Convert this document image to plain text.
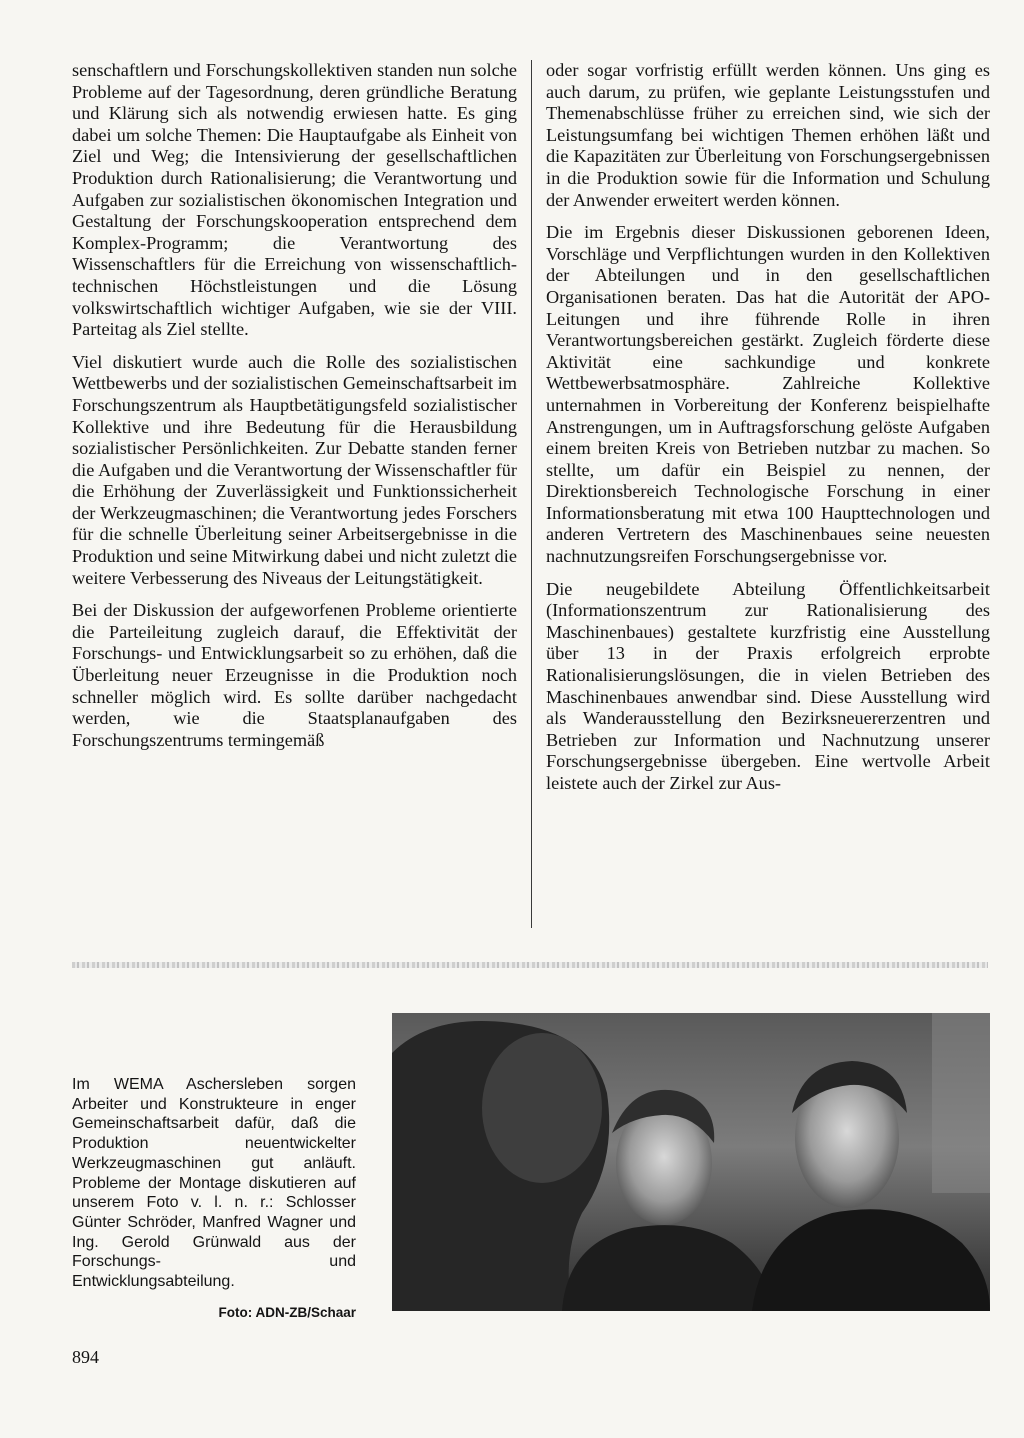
senschaftlern und Forschungskollektiven standen nun solche Probleme auf der Tagesordnung, deren gründliche Beratung und Klärung sich als notwendig erwiesen hatte. Es ging dabei um solche Themen: Die Hauptaufgabe als Einheit von Ziel und Weg; die Intensivierung der gesellschaftlichen Produktion durch Rationalisierung; die Verantwortung und Aufgaben zur sozialistischen ökonomischen Integration und Gestaltung der Forschungskooperation entsprechend dem Komplex-Programm; die Verantwortung des Wissenschaftlers für die Erreichung von wissenschaftlich-technischen Höchstleistungen und die Lösung volkswirtschaftlich wichtiger Aufgaben, wie sie der VIII. Parteitag als Ziel stellte.

Viel diskutiert wurde auch die Rolle des sozialistischen Wettbewerbs und der sozialistischen Gemeinschaftsarbeit im Forschungszentrum als Hauptbetätigungsfeld sozialistischer Kollektive und ihre Bedeutung für die Herausbildung sozialistischer Persönlichkeiten. Zur Debatte standen ferner die Aufgaben und die Verantwortung der Wissenschaftler für die Erhöhung der Zuverlässigkeit und Funktionssicherheit der Werkzeugmaschinen; die Verantwortung jedes Forschers für die schnelle Überleitung seiner Arbeitsergebnisse in die Produktion und seine Mitwirkung dabei und nicht zuletzt die weitere Verbesserung des Niveaus der Leitungstätigkeit.

Bei der Diskussion der aufgeworfenen Probleme orientierte die Parteileitung zugleich darauf, die Effektivität der Forschungs- und Entwicklungsarbeit so zu erhöhen, daß die Überleitung neuer Erzeugnisse in die Produktion noch schneller möglich wird. Es sollte darüber nachgedacht werden, wie die Staatsplanaufgaben des Forschungszentrums termingemäß

oder sogar vorfristig erfüllt werden können. Uns ging es auch darum, zu prüfen, wie geplante Leistungsstufen und Themenabschlüsse früher zu erreichen sind, wie sich der Leistungsumfang bei wichtigen Themen erhöhen läßt und die Kapazitäten zur Überleitung von Forschungsergebnissen in die Produktion sowie für die Information und Schulung der Anwender erweitert werden können.

Die im Ergebnis dieser Diskussionen geborenen Ideen, Vorschläge und Verpflichtungen wurden in den Kollektiven der Abteilungen und in den gesellschaftlichen Organisationen beraten. Das hat die Autorität der APO-Leitungen und ihre führende Rolle in ihren Verantwortungsbereichen gestärkt. Zugleich förderte diese Aktivität eine sachkundige und konkrete Wettbewerbsatmosphäre. Zahlreiche Kollektive unternahmen in Vorbereitung der Konferenz beispielhafte Anstrengungen, um in Auftragsforschung gelöste Aufgaben einem breiten Kreis von Betrieben nutzbar zu machen. So stellte, um dafür ein Beispiel zu nennen, der Direktionsbereich Technologische Forschung in einer Informationsberatung mit etwa 100 Haupttechnologen und anderen Vertretern des Maschinenbaues seine neuesten nachnutzungsreifen Forschungsergebnisse vor.

Die neugebildete Abteilung Öffentlichkeitsarbeit (Informationszentrum zur Rationalisierung des Maschinenbaues) gestaltete kurzfristig eine Ausstellung über 13 in der Praxis erfolgreich erprobte Rationalisierungslösungen, die in vielen Betrieben des Maschinenbaues anwendbar sind. Diese Ausstellung wird als Wanderausstellung den Bezirksneuererzentren und Betrieben zur Information und Nachnutzung unserer Forschungsergebnisse übergeben. Eine wertvolle Arbeit leistete auch der Zirkel zur Aus-

Im WEMA Aschersleben sorgen Arbeiter und Konstrukteure in enger Gemeinschaftsarbeit dafür, daß die Produktion neuentwickelter Werkzeugmaschinen gut anläuft. Probleme der Montage diskutieren auf unserem Foto v. l. n. r.: Schlosser Günter Schröder, Manfred Wagner und Ing. Gerold Grünwald aus der Forschungs- und Entwicklungsabteilung.
Foto: ADN-ZB/Schaar
894
